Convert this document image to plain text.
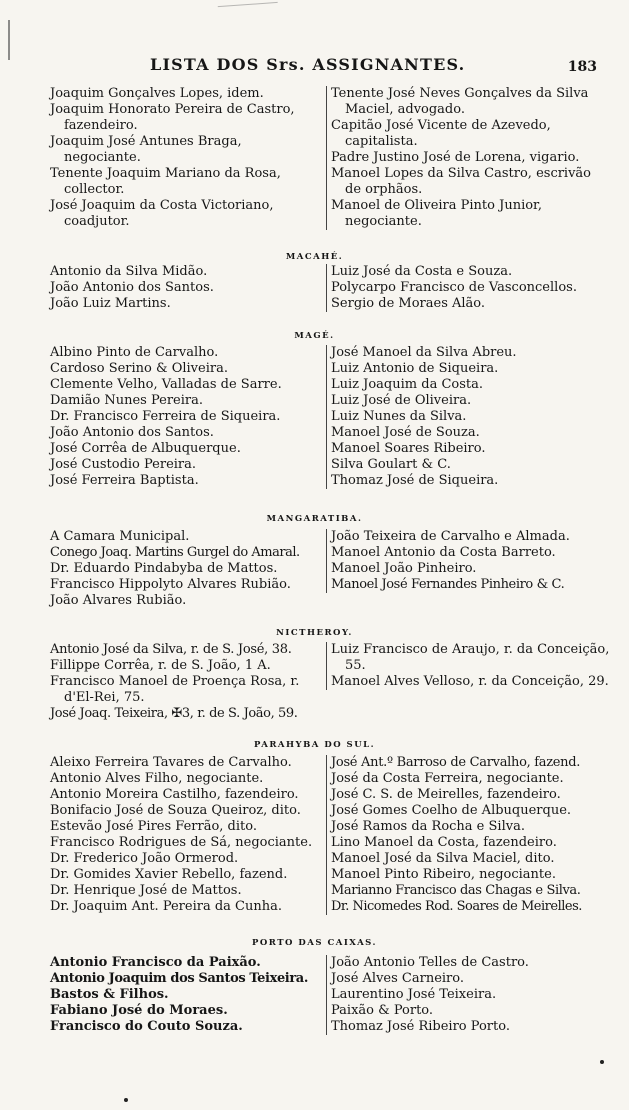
LISTA DOS Srs. ASSIGNANTES.	183
Joaquim Gonçalves Lopes, idem.
Joaquim Honorato Pereira de Castro, fazendeiro.
Joaquim José Antunes Braga, negociante.
Tenente Joaquim Mariano da Rosa, collector.
José Joaquim da Costa Victoriano, coadjutor.
Tenente José Neves Gonçalves da Silva Maciel, advogado.
Capitão José Vicente de Azevedo, capitalista.
Padre Justino José de Lorena, vigario.
Manoel Lopes da Silva Castro, escrivão de orphãos.
Manoel de Oliveira Pinto Junior, negociante.
MACAHÉ.
Antonio da Silva Midão.
João Antonio dos Santos.
João Luiz Martins.
Luiz José da Costa e Souza.
Polycarpo Francisco de Vasconcellos.
Sergio de Moraes Alão.
MAGÉ.
Albino Pinto de Carvalho.
Cardoso Serino & Oliveira.
Clemente Velho, Valladas de Sarre.
Damião Nunes Pereira.
Dr. Francisco Ferreira de Siqueira.
João Antonio dos Santos.
José Corrêa de Albuquerque.
José Custodio Pereira.
José Ferreira Baptista.
José Manoel da Silva Abreu.
Luiz Antonio de Siqueira.
Luiz Joaquim da Costa.
Luiz José de Oliveira.
Luiz Nunes da Silva.
Manoel José de Souza.
Manoel Soares Ribeiro.
Silva Goulart & C.
Thomaz José de Siqueira.
MANGARATIBA.
A Camara Municipal.
Conego Joaq. Martins Gurgel do Amaral.
Dr. Eduardo Pindabyba de Mattos.
Francisco Hippolyto Alvares Rubião.
João Alvares Rubião.
João Teixeira de Carvalho e Almada.
Manoel Antonio da Costa Barreto.
Manoel João Pinheiro.
Manoel José Fernandes Pinheiro & C.
NICTHEROY.
Antonio José da Silva, r. de S. José, 38.
Fillippe Corrêa, r. de S. João, 1 A.
Francisco Manoel de Proença Rosa, r. d'El-Rei, 75.
José Joaq. Teixeira, ✠3, r. de S. João, 59.
Luiz Francisco de Araujo, r. da Conceição, 55.
Manoel Alves Velloso, r. da Conceição, 29.
PARAHYBA DO SUL.
Aleixo Ferreira Tavares de Carvalho.
Antonio Alves Filho, negociante.
Antonio Moreira Castilho, fazendeiro.
Bonifacio José de Souza Queiroz, dito.
Estevão José Pires Ferrão, dito.
Francisco Rodrigues de Sá, negociante.
Dr. Frederico João Ormerod.
Dr. Gomides Xavier Rebello, fazend.
Dr. Henrique José de Mattos.
Dr. Joaquim Ant. Pereira da Cunha.
José Ant.º Barroso de Carvalho, fazend.
José da Costa Ferreira, negociante.
José C. S. de Meirelles, fazendeiro.
José Gomes Coelho de Albuquerque.
José Ramos da Rocha e Silva.
Lino Manoel da Costa, fazendeiro.
Manoel José da Silva Maciel, dito.
Manoel Pinto Ribeiro, negociante.
Marianno Francisco das Chagas e Silva.
Dr. Nicomedes Rod. Soares de Meirelles.
PORTO DAS CAIXAS.
Antonio Francisco da Paixão.
Antonio Joaquim dos Santos Teixeira.
Bastos & Filhos.
Fabiano José do Moraes.
Francisco do Couto Souza.
João Antonio Telles de Castro.
José Alves Carneiro.
Laurentino José Teixeira.
Paixão & Porto.
Thomaz José Ribeiro Porto.
